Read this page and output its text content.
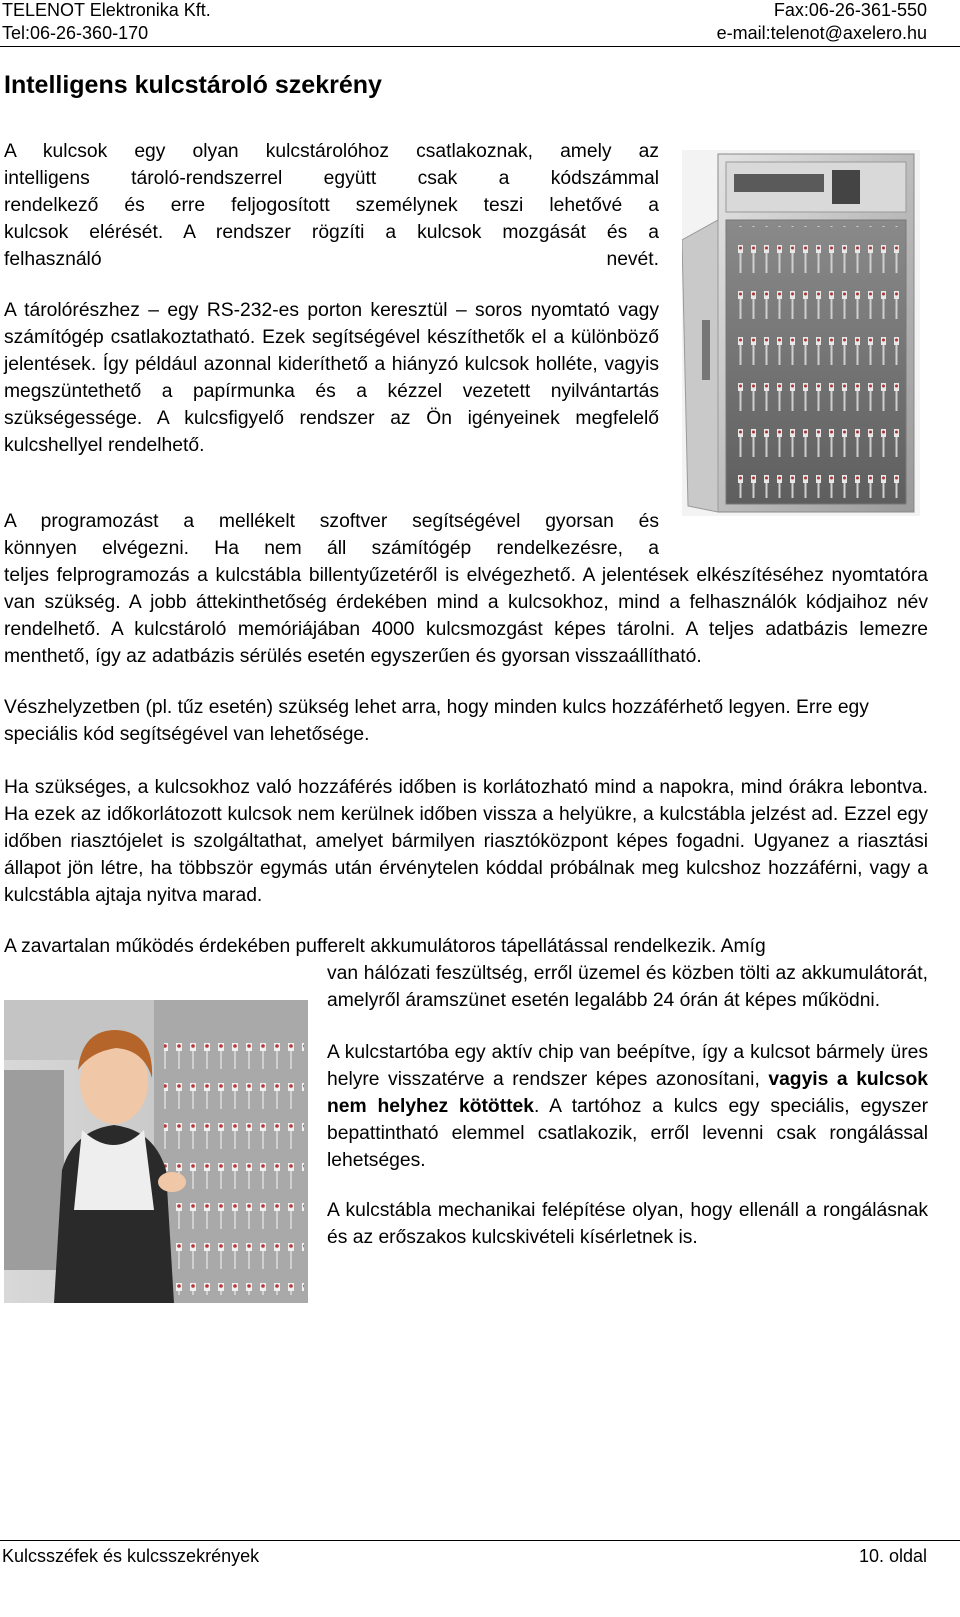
TELENOT Elektronika Kft.	Fax:06-26-361-550
Tel:06-26-360-170	e-mail:telenot@axelero.hu
Intelligens kulcstároló szekrény
A kulcsok egy olyan kulcstárolóhoz csatlakoznak, amely az
intelligens tároló-rendszerrel együtt csak a kódszámmal
rendelkező és erre feljogosított személynek teszi lehetővé a
kulcsok elérését. A rendszer rögzíti a kulcsok mozgását és a
felhasználó	nevét.

A tárolórészhez – egy RS-232-es porton keresztül – soros nyomtató vagy számítógép csatlakoztatható. Ezek segítségével készíthetők el a különböző jelentések. Így például azonnal kideríthető a hiányzó kulcsok holléte, vagyis megszüntethető a papírmunka és a kézzel vezetett nyilvántartás szükségessége. A kulcsfigyelő rendszer az Ön igényeinek megfelelő kulcshellyel rendelhető.

A programozást a mellékelt szoftver segítségével gyorsan és
könnyen elvégezni. Ha nem áll számítógép rendelkezésre, a

teljes felprogramozás a kulcstábla billentyűzetéről is elvégezhető. A jelentések elkészítéséhez nyomtatóra van szükség. A jobb áttekinthetőség érdekében mind a kulcsokhoz, mind a felhasználók kódjaihoz név rendelhető. A kulcstároló memóriájában 4000 kulcsmozgást képes tárolni. A teljes adatbázis lemezre menthető, így az adatbázis sérülés esetén egyszerűen és gyorsan visszaállítható.

Vészhelyzetben (pl. tűz esetén) szükség lehet arra, hogy minden kulcs hozzáférhető legyen. Erre egy speciális kód segítségével van lehetősége.

Ha szükséges, a kulcsokhoz való hozzáférés időben is korlátozható mind a napokra, mind órákra lebontva. Ha ezek az időkorlátozott kulcsok nem kerülnek időben vissza a helyükre, a kulcstábla jelzést ad. Ezzel egy időben riasztójelet is szolgáltathat, amelyet bármilyen riasztóközpont képes fogadni. Ugyanez a riasztási állapot jön létre, ha többször egymás után érvénytelen kóddal próbálnak meg kulcshoz hozzáférni, vagy a kulcstábla ajtaja nyitva marad.

A zavartalan működés érdekében pufferelt akkumulátoros tápellátással rendelkezik. Amíg

van hálózati feszültség, erről üzemel és közben tölti az akkumulátorát, amelyről áramszünet esetén legalább 24 órán át képes működni.

A kulcstartóba egy aktív chip van beépítve, így a kulcsot bármely üres helyre visszatérve a rendszer képes azonosítani, vagyis a kulcsok nem helyhez kötöttek. A tartóhoz a kulcs egy speciális, egyszer bepattintható elemmel csatlakozik, erről levenni csak rongálással lehetséges.

A kulcstábla mechanikai felépítése olyan, hogy ellenáll a rongálásnak és az erőszakos kulcskivételi kísérletnek is.

Kulcsszéfek és kulcsszekrények	10. oldal
